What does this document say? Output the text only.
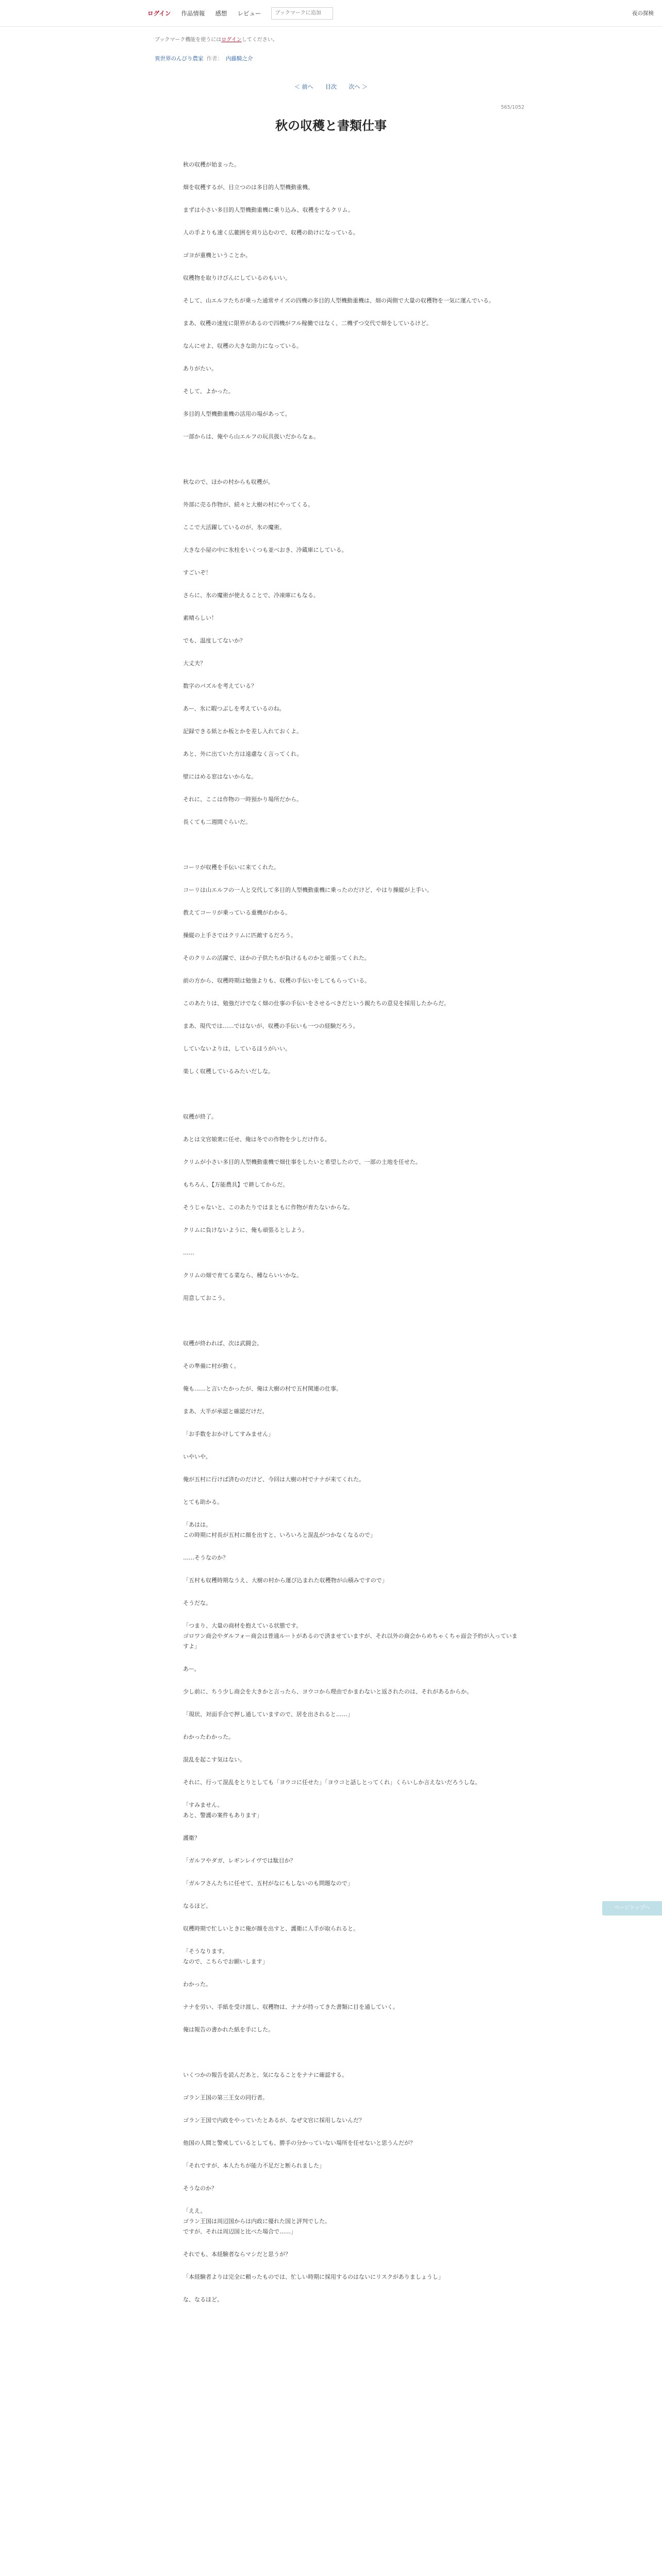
ログイン 作品情報 感想 レビュー
ブックマークに追加	夜の探検
ブックマーク機能を使うにはログインしてください。
異世界のんびり農家 作者： 内藤騎之介
＜ 前へ 目次 次へ ＞
565/1052
秋の収穫と書類仕事

秋の収穫が始まった。

畑を収穫するが、目立つのは多目的人型機動重機。

まずは小さい多目的人型機動重機に乗り込み、収穫をするクリム。

人の手よりも速く広範囲を刈り込むので、収穫の助けになっている。

ゴヨが重機ということか。

収穫物を取りけびんにしているのもいい。

そして、山エルフたちが乗った通常サイズの四機の多目的人型機動重機は、畑の両側で大量の収穫物を一気に運んでいる。

まあ、収穫の速度に限界があるので四機がフル稼働ではなく、二機ずつ交代で畑をしているけど。

なんにせよ、収穫の大きな助力になっている。

ありがたい。

そして、よかった。

多目的人型機動重機の活用の場があって。

一部からは、俺やら山エルフの玩具扱いだからなぁ。

秋なので、ほかの村からも収穫が。

外部に売る作物が、続々と大樹の村にやってくる。

ここで大活躍しているのが、氷の魔術。

大きな小屋の中に氷柱をいくつも並べおき、冷蔵庫にしている。

すごいぞ！

さらに、氷の魔術が使えることで、冷凍庫にもなる。

素晴らしい！

でも、温度してないか？

大丈夫？

数字のパズルを考えている？

あー、氷に暇つぶしを考えているのね。

記録できる紙とか板とかを差し入れておくよ。

あと、外に出ていた方は遠慮なく言ってくれ。

壁にはめる窓はないからな。

それに、ここは作物の一時預かり場所だから。

長くても二週間ぐらいだ。

コーリが収穫を手伝いに来てくれた。

コーリは山エルフの一人と交代して多目的人型機動重機に乗ったのだけど、やはり操縦が上手い。

教えてコーリが乗っている重機がわかる。

操縦の上手さではクリムに匹敵するだろう。

そのクリムの活躍で、ほかの子供たちが負けるものかと頑張ってくれた。

前の方から、収穫時期は勉強よりも、収穫の手伝いをしてもらっている。

このあたりは、勉強だけでなく畑の仕事の手伝いをさせるべきだという親たちの意見を採用したからだ。

まあ、現代では……ではないが、収穫の手伝いも一つの経験だろう。

していないよりは、しているほうがいい。

楽しく収穫しているみたいだしな。

収穫が終了。

あとは文官娘衆に任せ、俺は冬での作物を少しだけ作る。

クリムが小さい多目的人型機動重機で畑仕事をしたいと希望したので、一部の土地を任せた。

もちろん、【万能農具】で耕してからだ。

そうじゃないと、このあたりではまともに作物が育たないからな。

クリムに負けないように、俺も頑張るとしよう。

……

クリムの畑で育てる菜なら、種ならいいかな。

用意しておこう。

収穫が終われば、次は武闘会。

その準備に村が動く。

俺も……と言いたかったが、俺は大樹の村で五村関連の仕事。

まあ、大半が承認と確認だけだ。

「お手数をおかけしてすみません」

いやいや。

俺が五村に行けば済むのだけど、今回は大樹の村でナナが来てくれた。

とても助かる。

「あはは。
この時期に村長が五村に顔を出すと、いろいろと混乱がつかなくなるので」

……そうなのか？

「五村も収穫時期なうえ、大樹の村から運び込まれた収穫物が山積みですので」

そうだな。

「つまり、大量の商材を抱えている状態です。
ゴロワン商会やダルフォー商会は普通ルートがあるので済ませていますが、それ以外の商会からめちゃくちゃ面会予約が入っていますよ」

あー。

少し前に、ちう少し商会を大きかと言ったら、ヨウコから理由でかまわないと返されたのは、それがあるからか。

「現状、対面手合で押し通していますので、居を出されると……」

わかったわかった。

混乱を起こす気はない。

それに、行って混乱をとりとしても「ヨウコに任せた」「ヨウコと話しとってくれ」くらいしか言えないだろうしな。

「すみません。
あと、警護の案件もあります」

護衛？

「ガルフやダガ、レギンレイヴでは駄目か？

「ガルフさんたちに任せて、五村がなにもしないのも問題なので」

なるほど。

収穫時期で忙しいときに俺が顔を出すと、護衛に人手が取られると。

「そうなります。
なので、こちらでお願いします」

わかった。

ナナを労い、手紙を受け渡し、収穫物は、ナナが持ってきた書類に目を通していく。

俺は報告の書かれた紙を手にした。

いくつかの報告を読んだあと、気になることをナナに確認する。

ゴラン王国の第三王女の同行者。

ゴラン王国で内政をやっていたとあるが、なぜ文官に採用しないんだ？

他国の人間と警戒しているとしても、勝手の分かっていない場所を任せないと思うんだが？

「それですが、本人たちが能力不足だと断られました」

そうなのか？

「ええ。
ゴラン王国は周辺国からは内政に優れた国と評判でした。
ですが、それは周辺国と比べた場合で……」

それでも、本経験者ならマシだと思うが？

「本経験者よりは完全に頼ったものでは、忙しい時期に採用するのはないにリスクがありましょうし」

な、なるほど。

ページトップへ
